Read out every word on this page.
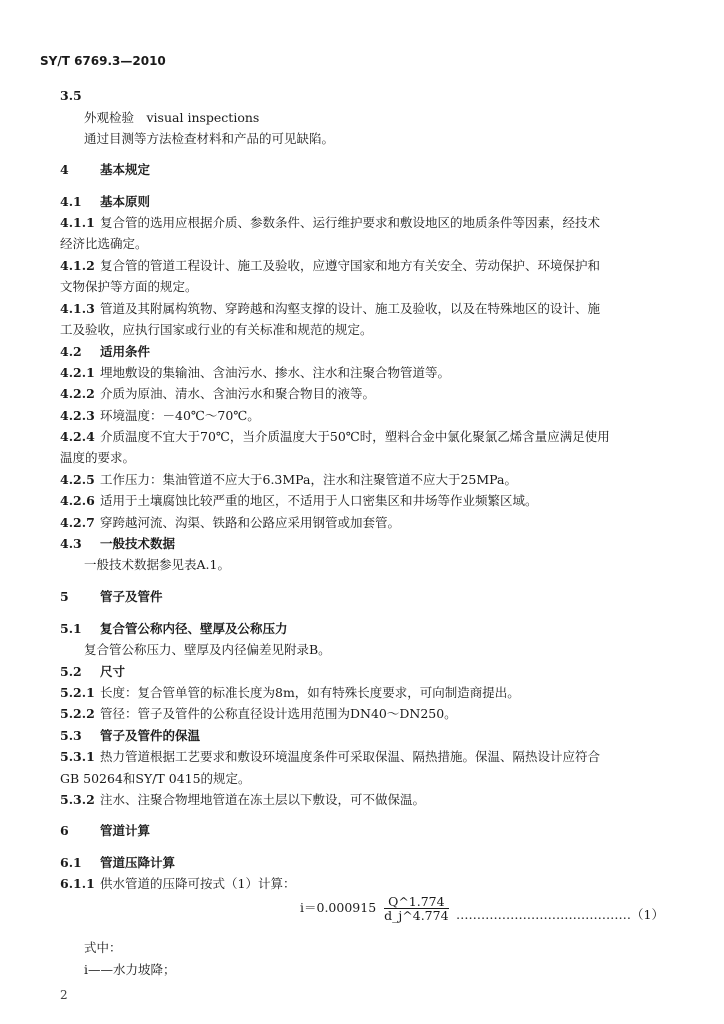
SY/T 6769.3—2010
3.5
外观检验　visual inspections
通过目测等方法检查材料和产品的可见缺陷。
4	基本规定
4.1 基本原则
4.1.1 复合管的选用应根据介质、参数条件、运行维护要求和敷设地区的地质条件等因素，经技术
经济比选确定。
4.1.2 复合管的管道工程设计、施工及验收，应遵守国家和地方有关安全、劳动保护、环境保护和
文物保护等方面的规定。
4.1.3 管道及其附属构筑物、穿跨越和沟壑支撑的设计、施工及验收，以及在特殊地区的设计、施
工及验收，应执行国家或行业的有关标准和规范的规定。
4.2 适用条件
4.2.1 埋地敷设的集输油、含油污水、掺水、注水和注聚合物管道等。
4.2.2 介质为原油、清水、含油污水和聚合物目的液等。
4.2.3 环境温度：－40℃～70℃。
4.2.4 介质温度不宜大于70℃，当介质温度大于50℃时，塑料合金中氯化聚氯乙烯含量应满足使用
温度的要求。
4.2.5 工作压力：集油管道不应大于6.3MPa，注水和注聚管道不应大于25MPa。
4.2.6 适用于土壤腐蚀比较严重的地区，不适用于人口密集区和井场等作业频繁区域。
4.2.7 穿跨越河流、沟渠、铁路和公路应采用钢管或加套管。
4.3 一般技术数据
一般技术数据参见表A.1。
5	管子及管件
5.1 复合管公称内径、壁厚及公称压力
复合管公称压力、壁厚及内径偏差见附录B。
5.2 尺寸
5.2.1 长度：复合管单管的标准长度为8m，如有特殊长度要求，可向制造商提出。
5.2.2 管径：管子及管件的公称直径设计选用范围为DN40～DN250。
5.3 管子及管件的保温
5.3.1 热力管道根据工艺要求和敷设环境温度条件可采取保温、隔热措施。保温、隔热设计应符合
GB 50264和SY/T 0415的规定。
5.3.2 注水、注聚合物埋地管道在冻土层以下敷设，可不做保温。
6	管道计算
6.1 管道压降计算
6.1.1 供水管道的压降可按式（1）计算：
$i=0.000915 \frac{Q\^{}1.774}{d\_j\^{}4.774}$ ……………………………………（1）
式中：
i——水力坡降；
2
